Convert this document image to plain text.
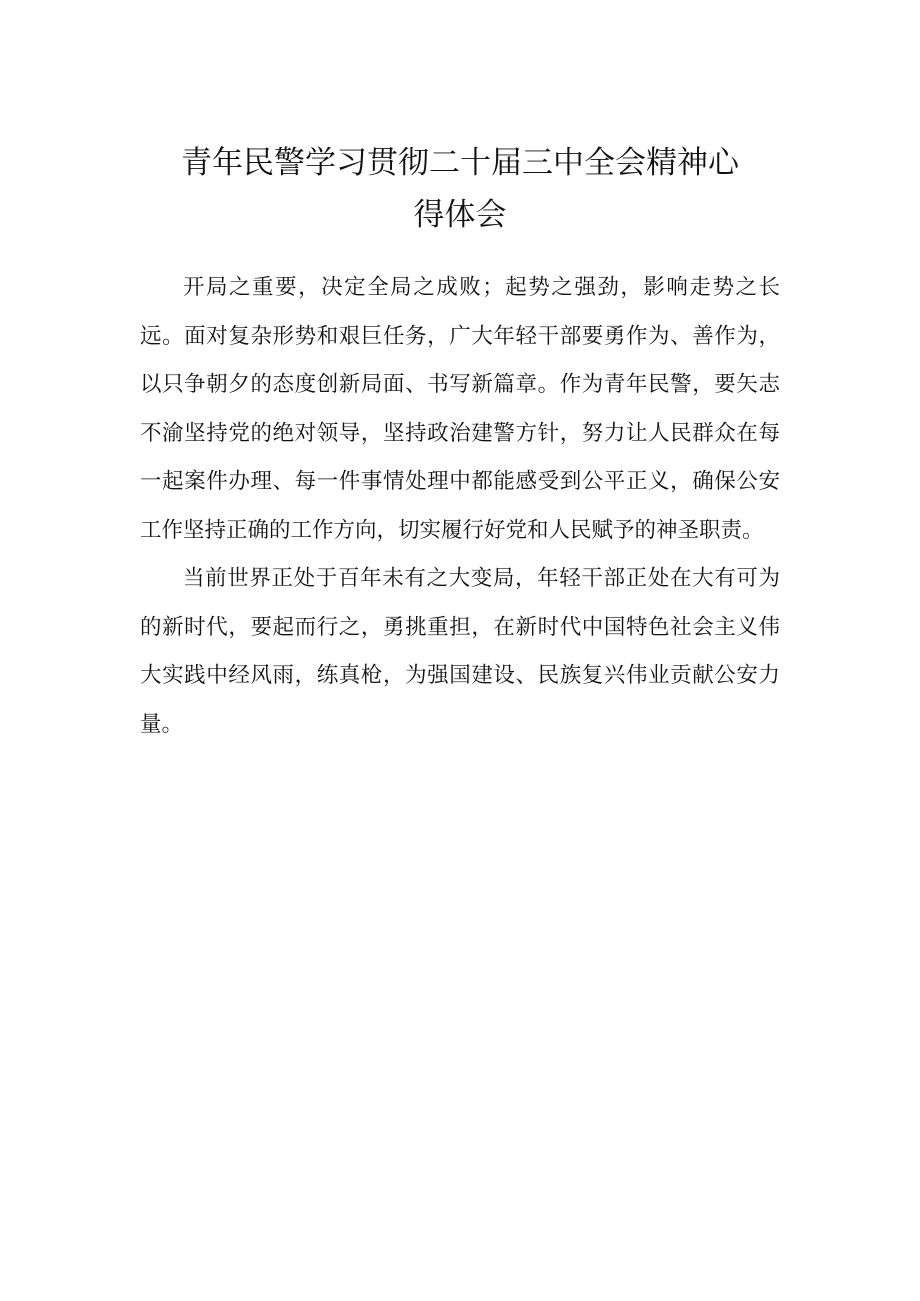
青年民警学习贯彻二十届三中全会精神心
得体会

开局之重要，决定全局之成败；起势之强劲，影响走势之长远。面对复杂形势和艰巨任务，广大年轻干部要勇作为、善作为，以只争朝夕的态度创新局面、书写新篇章。作为青年民警，要矢志不渝坚持党的绝对领导，坚持政治建警方针，努力让人民群众在每一起案件办理、每一件事情处理中都能感受到公平正义，确保公安工作坚持正确的工作方向，切实履行好党和人民赋予的神圣职责。

当前世界正处于百年未有之大变局，年轻干部正处在大有可为的新时代，要起而行之，勇挑重担，在新时代中国特色社会主义伟大实践中经风雨，练真枪，为强国建设、民族复兴伟业贡献公安力量。
